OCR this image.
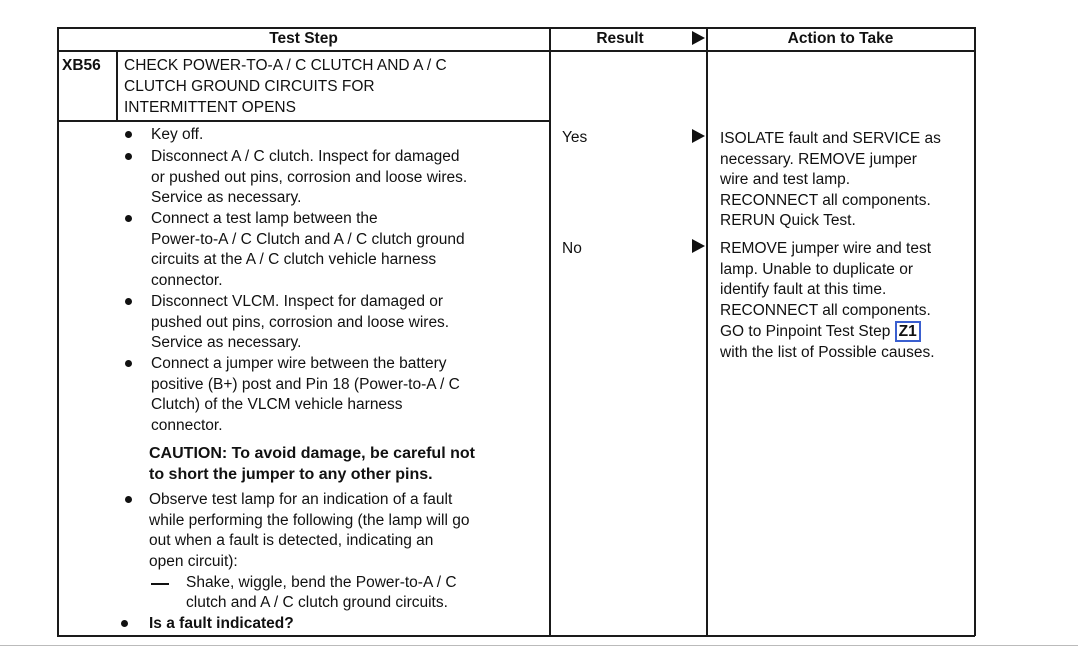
Test Step	Result	Action to Take
XB56 CHECK POWER-TO-A / C CLUTCH AND A / C
CLUTCH GROUND CIRCUITS FOR
INTERMITTENT OPENS
Key off.
Disconnect A / C clutch. Inspect for damaged
or pushed out pins, corrosion and loose wires.
Service as necessary.
Connect a test lamp between the
Power-to-A / C Clutch and A / C clutch ground
circuits at the A / C clutch vehicle harness
connector.
Disconnect VLCM. Inspect for damaged or
pushed out pins, corrosion and loose wires.
Service as necessary.
Connect a jumper wire between the battery
positive (B+) post and Pin 18 (Power-to-A / C
Clutch) of the VLCM vehicle harness
connector.
CAUTION: To avoid damage, be careful not
to short the jumper to any other pins.
Observe test lamp for an indication of a fault
while performing the following (the lamp will go
out when a fault is detected, indicating an
open circuit):
Shake, wiggle, bend the Power-to-A / C
clutch and A / C clutch ground circuits.
Is a fault indicated?
Yes	ISOLATE fault and SERVICE as
necessary. REMOVE jumper
wire and test lamp.
RECONNECT all components.
RERUN Quick Test.
No	REMOVE jumper wire and test
lamp. Unable to duplicate or
identify fault at this time.
RECONNECT all components.
GO to Pinpoint Test Step Z1
with the list of Possible causes.
